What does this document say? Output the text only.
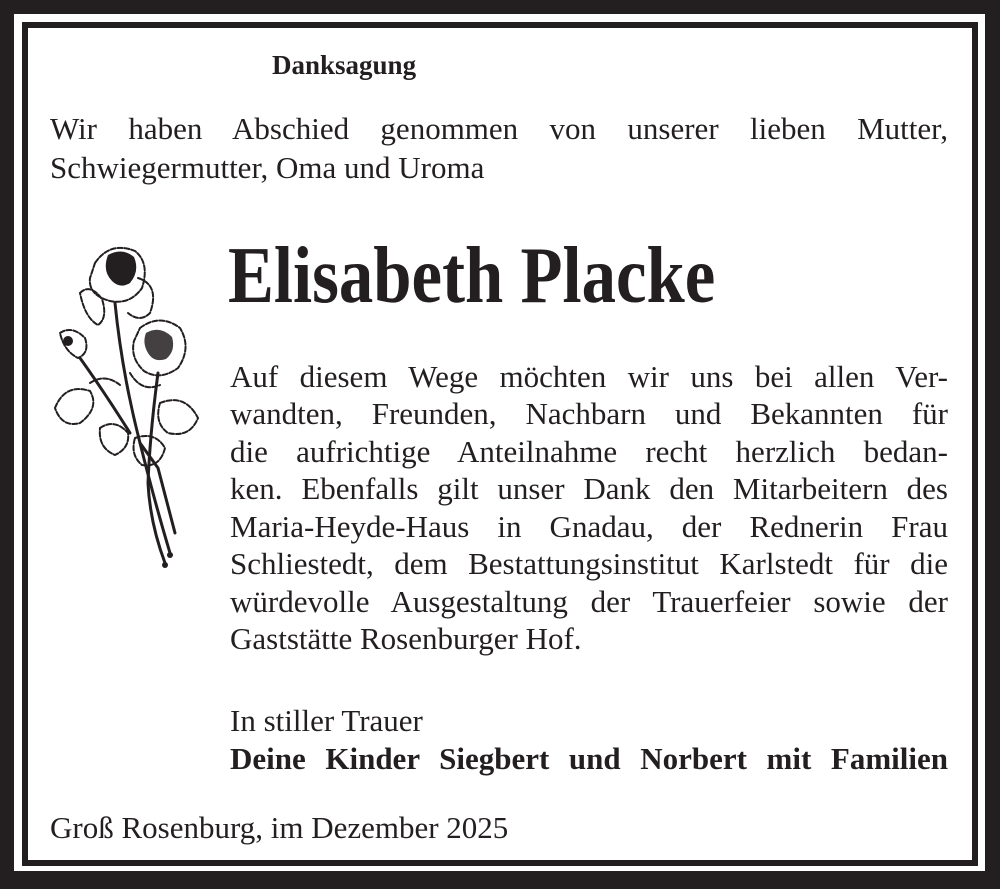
Danksagung
Wir haben Abschied genommen von unserer lieben Mutter,
Schwiegermutter, Oma und Uroma
Elisabeth Placke
Auf diesem Wege möchten wir uns bei allen Ver-
wandten, Freunden, Nachbarn und Bekannten für
die aufrichtige Anteilnahme recht herzlich bedan-
ken. Ebenfalls gilt unser Dank den Mitarbeitern des
Maria-Heyde-Haus in Gnadau, der Rednerin Frau
Schliestedt, dem Bestattungsinstitut Karlstedt für die
würdevolle Ausgestaltung der Trauerfeier sowie der
Gaststätte Rosenburger Hof.
In stiller Trauer
Deine Kinder Siegbert und Norbert mit Familien
Groß Rosenburg, im Dezember 2025
